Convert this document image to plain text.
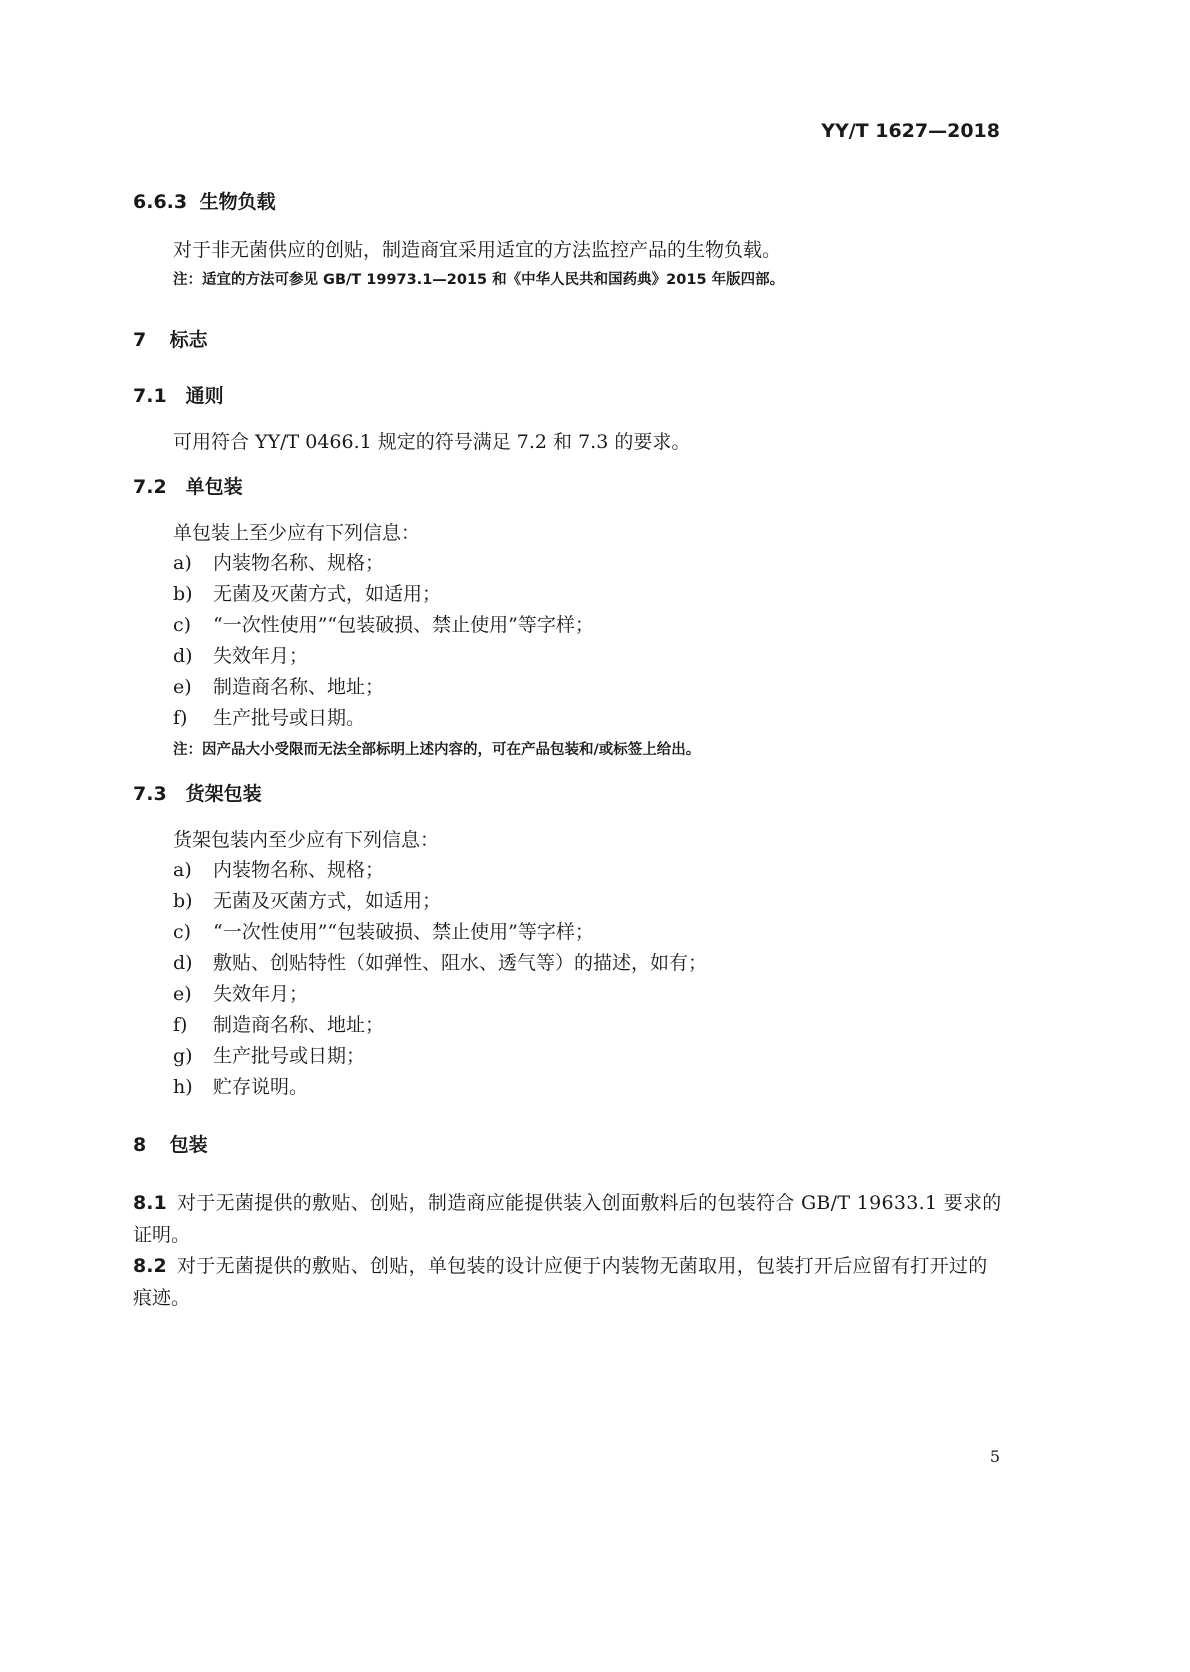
YY/T 1627—2018
6.6.3 生物负载
对于非无菌供应的创贴，制造商宜采用适宜的方法监控产品的生物负载。
注：适宜的方法可参见 GB/T 19973.1—2015 和《中华人民共和国药典》2015 年版四部。
7 标志
7.1 通则
可用符合 YY/T 0466.1 规定的符号满足 7.2 和 7.3 的要求。
7.2 单包装
单包装上至少应有下列信息：
a) 内装物名称、规格；
b) 无菌及灭菌方式，如适用；
c) “一次性使用”“包装破损、禁止使用”等字样；
d) 失效年月；
e) 制造商名称、地址；
f) 生产批号或日期。
注：因产品大小受限而无法全部标明上述内容的，可在产品包装和/或标签上给出。
7.3 货架包装
货架包装内至少应有下列信息：
a) 内装物名称、规格；
b) 无菌及灭菌方式，如适用；
c) “一次性使用”“包装破损、禁止使用”等字样；
d) 敷贴、创贴特性（如弹性、阻水、透气等）的描述，如有；
e) 失效年月；
f) 制造商名称、地址；
g) 生产批号或日期；
h) 贮存说明。
8 包装
8.1 对于无菌提供的敷贴、创贴，制造商应能提供装入创面敷料后的包装符合 GB/T 19633.1 要求的
证明。
8.2 对于无菌提供的敷贴、创贴，单包装的设计应便于内装物无菌取用，包装打开后应留有打开过的
痕迹。
5
